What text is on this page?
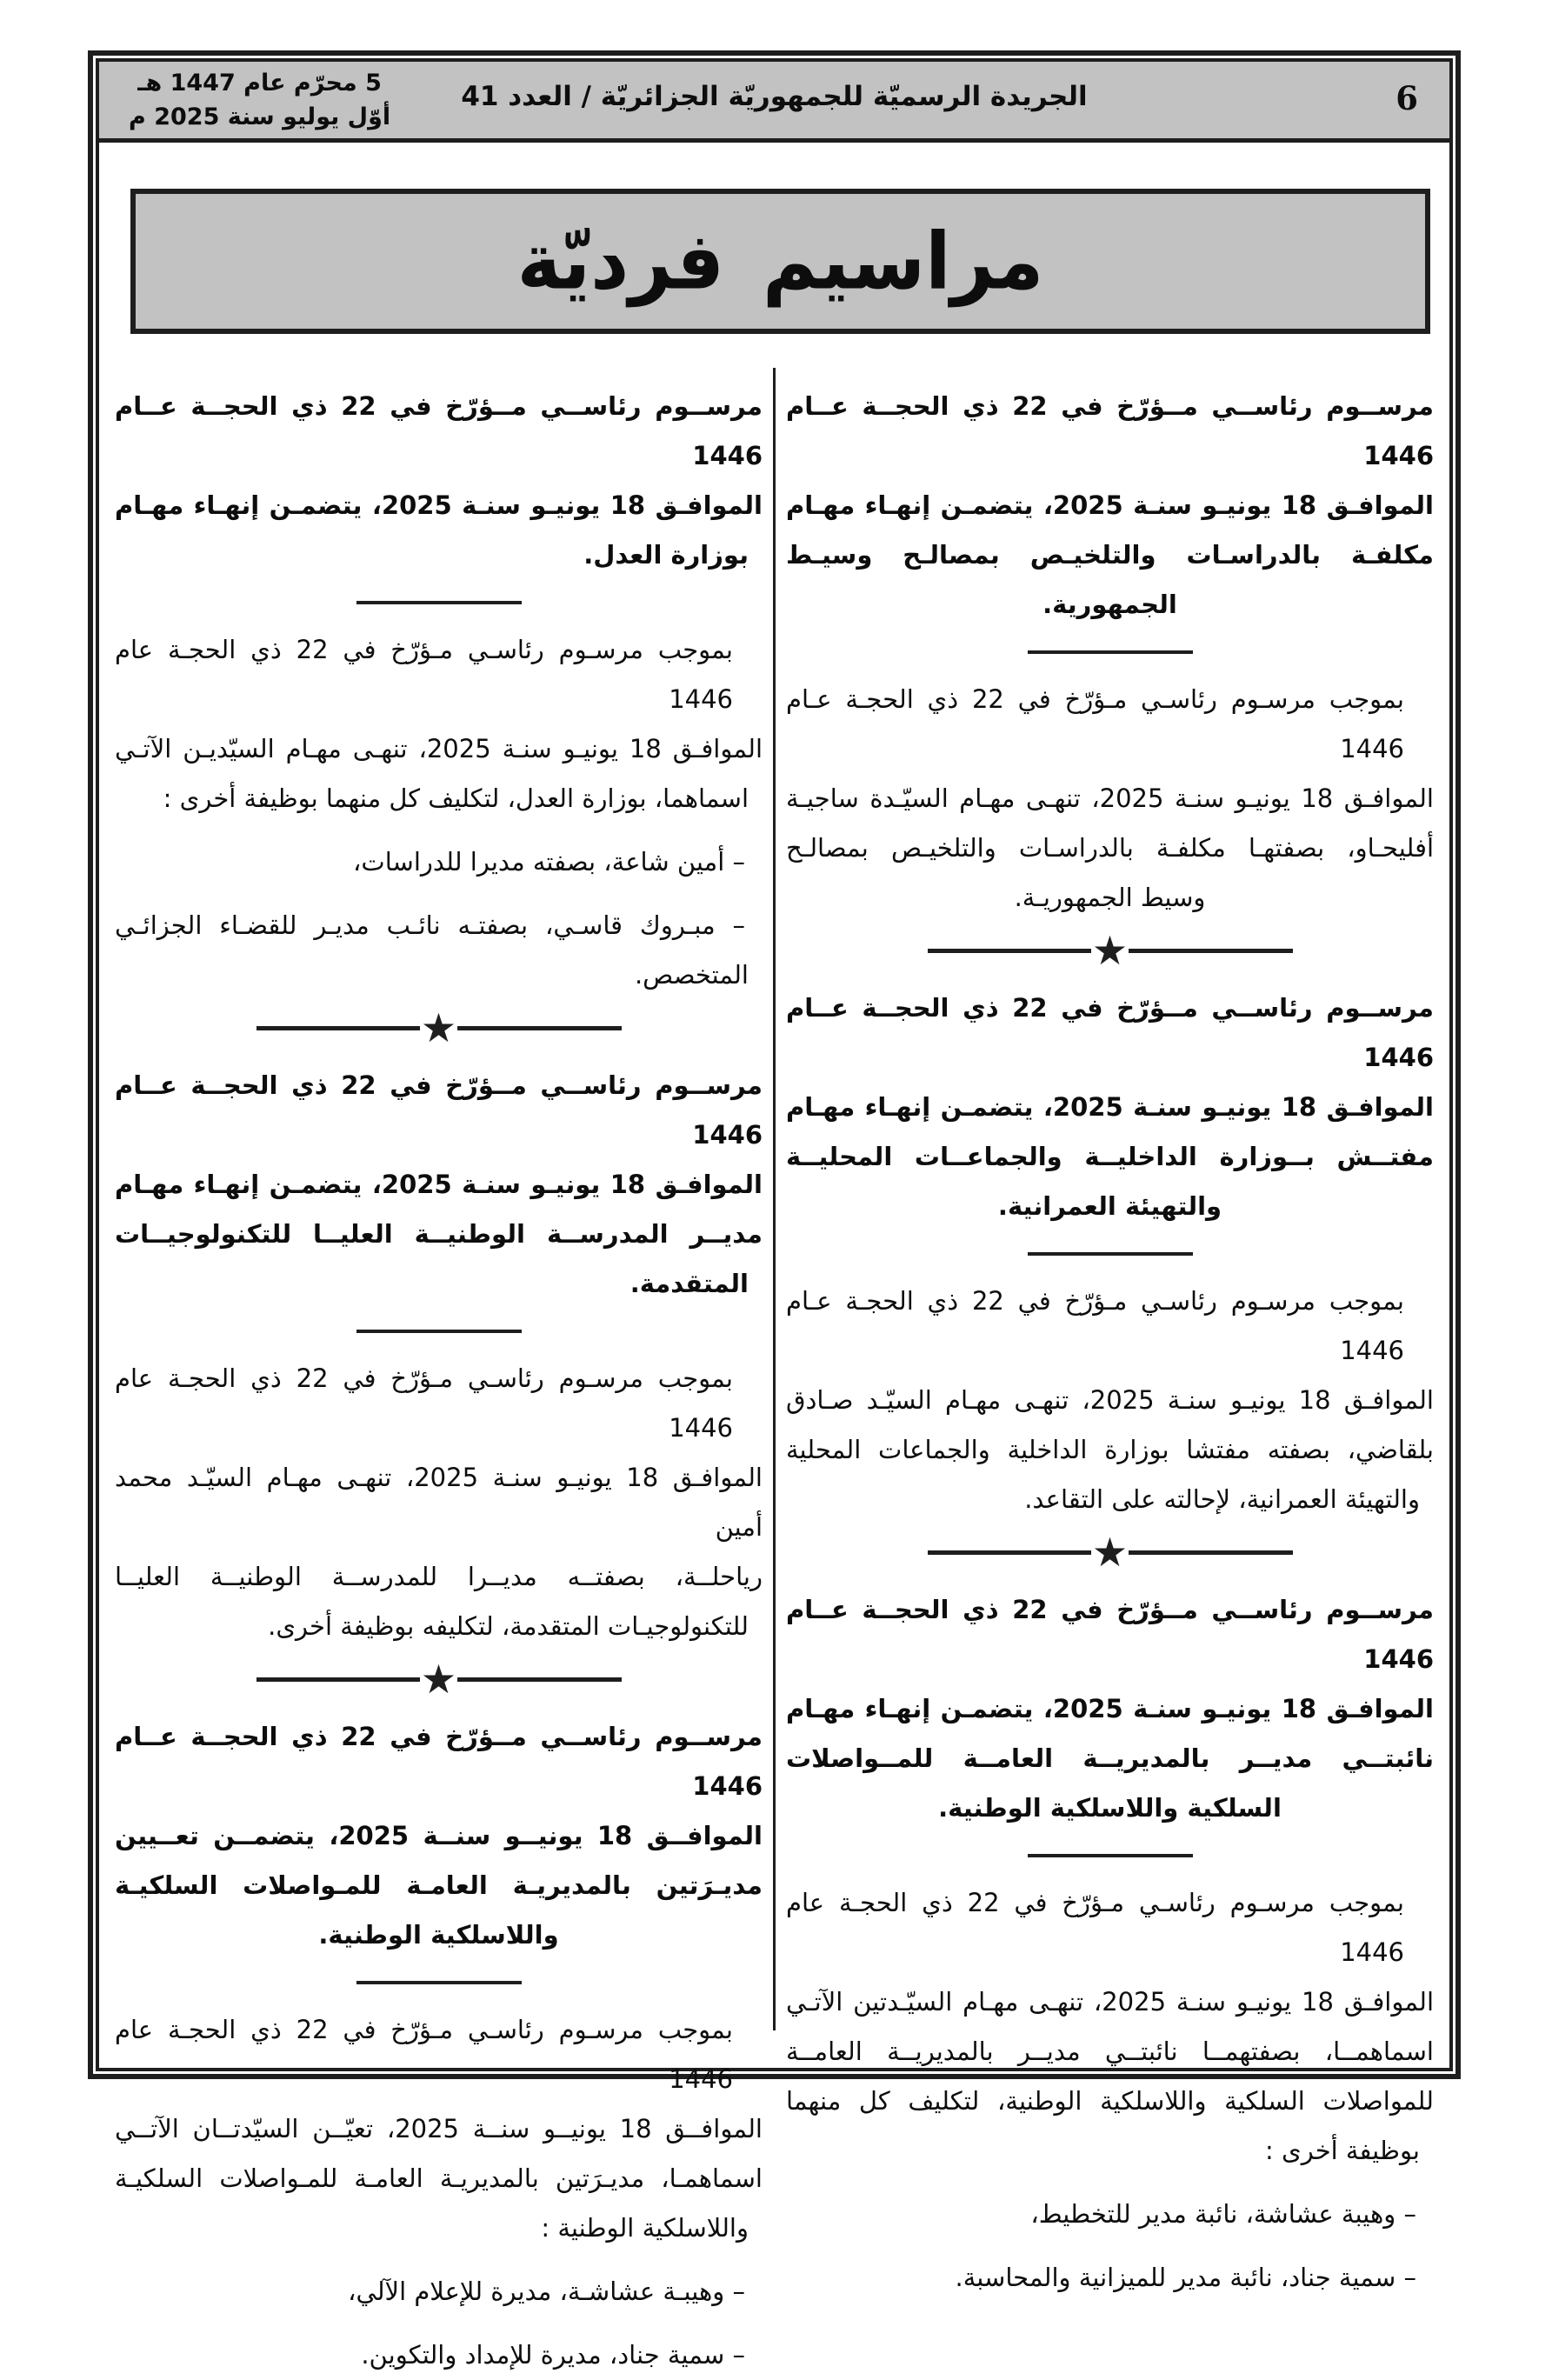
5 محرّم عام 1447 هـ
أوّل يوليو سنة 2025 م
الجريدة الرسميّة للجمهوريّة الجزائريّة / العدد 41	6
مراسيم فرديّة
مرســوم رئاســي مــؤرّخ في 22 ذي الحجــة عــام 1446
الموافـق 18 يونيـو سنـة 2025، يتضمـن إنهـاء مهـام
مكلفـة بالدراسـات والتلخيـص بمصالـح وسيـط
الجمهورية.
بموجب مرسـوم رئاسـي مـؤرّخ في 22 ذي الحجـة عـام 1446
الموافـق 18 يونيـو سنـة 2025، تنهـى مهـام السيّـدة ساجيـة
أفليحـاو، بصفتهـا مكلفـة بالدراسـات والتلخيـص بمصالـح
وسيط الجمهوريـة.
★
مرســوم رئاســي مــؤرّخ في 22 ذي الحجــة عــام 1446
الموافـق 18 يونيـو سنـة 2025، يتضمـن إنهـاء مهـام
مفتــش بــوزارة الداخليــة والجماعــات المحليــة
والتهيئة العمرانية.
بموجب مرسـوم رئاسـي مـؤرّخ في 22 ذي الحجـة عـام 1446
الموافـق 18 يونيـو سنـة 2025، تنهـى مهـام السيّـد صـادق
بلقاضي، بصفته مفتشا بوزارة الداخلية والجماعات المحلية
والتهيئة العمرانية، لإحالته على التقاعد.
★
مرســوم رئاســي مــؤرّخ في 22 ذي الحجــة عــام 1446
الموافـق 18 يونيـو سنـة 2025، يتضمـن إنهـاء مهـام
نائبتــي مديــر بالمديريــة العامــة للمــواصلات
السلكية واللاسلكية الوطنية.
بموجب مرسـوم رئاسـي مـؤرّخ في 22 ذي الحجـة عام 1446
الموافـق 18 يونيـو سنـة 2025، تنهـى مهـام السيّـدتين الآتـي
اسماهمــا، بصفتهمــا نائبتــي مديــر بالمديريــة العامــة
للمواصلات السلكية واللاسلكية الوطنية، لتكليف كل منهما
بوظيفة أخرى :
– وهيبة عشاشة، نائبة مدير للتخطيط،
– سمية جناد، نائبة مدير للميزانية والمحاسبة.
مرســوم رئاســي مــؤرّخ في 22 ذي الحجــة عــام 1446
الموافـق 18 يونيـو سنـة 2025، يتضمـن إنهـاء مهـام
بوزارة العدل.
بموجب مرسـوم رئاسـي مـؤرّخ في 22 ذي الحجـة عام 1446
الموافـق 18 يونيـو سنـة 2025، تنهـى مهـام السيّديـن الآتـي
اسماهما، بوزارة العدل، لتكليف كل منهما بوظيفة أخرى :
– أمين شاعة، بصفته مديرا للدراسات،
– مبـروك قاسـي، بصفتـه نائـب مديـر للقضـاء الجزائـي
المتخصص.
★
مرســوم رئاســي مــؤرّخ في 22 ذي الحجــة عــام 1446
الموافـق 18 يونيـو سنـة 2025، يتضمـن إنهـاء مهـام
مديــر المدرســة الوطنيــة العليــا للتكنولوجيــات
المتقدمة.
بموجب مرسـوم رئاسـي مـؤرّخ في 22 ذي الحجـة عام 1446
الموافـق 18 يونيـو سنـة 2025، تنهـى مهـام السيّـد محمد أمين
رياحلــة، بصفتــه مديــرا للمدرســة الوطنيــة العليــا
للتكنولوجيـات المتقدمة، لتكليفه بوظيفة أخرى.
★
مرســوم رئاســي مــؤرّخ في 22 ذي الحجــة عــام 1446
الموافــق 18 يونيــو سنــة 2025، يتضمــن تعــيين
مديـرَتين بالمديريـة العامـة للمـواصلات السلكيـة
واللاسلكية الوطنية.
بموجب مرسـوم رئاسـي مـؤرّخ في 22 ذي الحجـة عام 1446
الموافــق 18 يونيــو سنــة 2025، تعيّــن السيّدتــان الآتــي
اسماهمـا، مديـرَتين بالمديريـة العامـة للمـواصلات السلكيـة
واللاسلكية الوطنية :
– وهيبـة عشاشـة، مديرة للإعلام الآلي،
– سمية جناد، مديرة للإمداد والتكوين.
